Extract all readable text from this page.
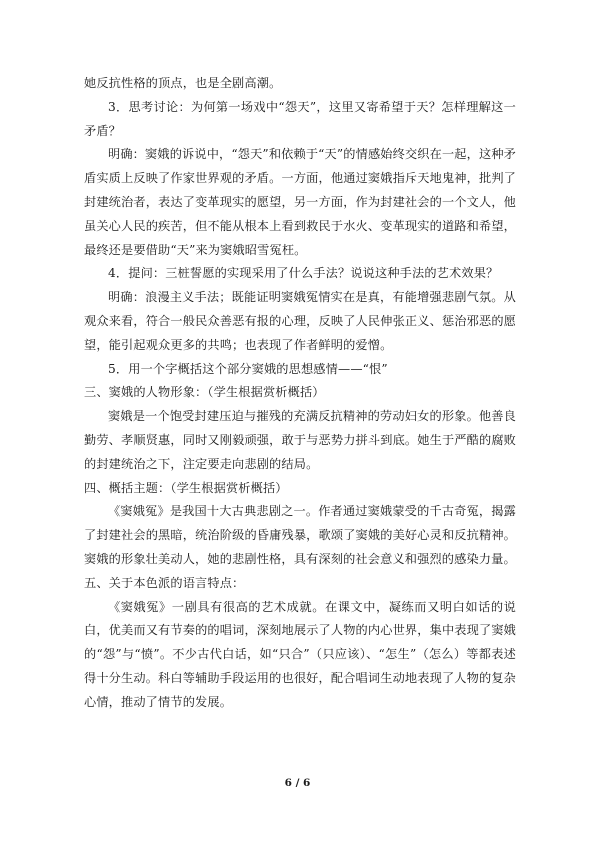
她反抗性格的顶点，也是全剧高潮。

3．思考讨论：为何第一场戏中“怨天”，这里又寄希望于天？怎样理解这一矛盾？

明确：窦娥的诉说中，“怨天”和依赖于“天”的情感始终交织在一起，这种矛盾实质上反映了作家世界观的矛盾。一方面，他通过窦娥指斥天地鬼神，批判了封建统治者，表达了变革现实的愿望，另一方面，作为封建社会的一个文人，他虽关心人民的疾苦，但不能从根本上看到救民于水火、变革现实的道路和希望，最终还是要借助“天”来为窦娥昭雪冤枉。

4．提问：三桩誓愿的实现采用了什么手法？说说这种手法的艺术效果？

明确：浪漫主义手法；既能证明窦娥冤情实在是真，有能增强悲剧气氛。从观众来看，符合一般民众善恶有报的心理，反映了人民伸张正义、惩治邪恶的愿望，能引起观众更多的共鸣；也表现了作者鲜明的爱憎。

5．用一个字概括这个部分窦娥的思想感情——“恨”

三、窦娥的人物形象：（学生根据赏析概括）

窦娥是一个饱受封建压迫与摧残的充满反抗精神的劳动妇女的形象。他善良勤劳、孝顺贤惠，同时又刚毅顽强，敢于与恶势力拼斗到底。她生于严酷的腐败的封建统治之下，注定要走向悲剧的结局。

四、概括主题：（学生根据赏析概括）

《窦娥冤》是我国十大古典悲剧之一。作者通过窦娥蒙受的千古奇冤，揭露了封建社会的黑暗，统治阶级的昏庸残暴，歌颂了窦娥的美好心灵和反抗精神。窦娥的形象壮美动人，她的悲剧性格，具有深刻的社会意义和强烈的感染力量。

五、关于本色派的语言特点：

《窦娥冤》一剧具有很高的艺术成就。在课文中，凝练而又明白如话的说白，优美而又有节奏的的唱词，深刻地展示了人物的内心世界，集中表现了窦娥的“怨”与“愤”。不少古代白话，如“只合”（只应该）、“怎生”（怎么）等都表述得十分生动。科白等辅助手段运用的也很好，配合唱词生动地表现了人物的复杂心情，推动了情节的发展。

6 / 6
